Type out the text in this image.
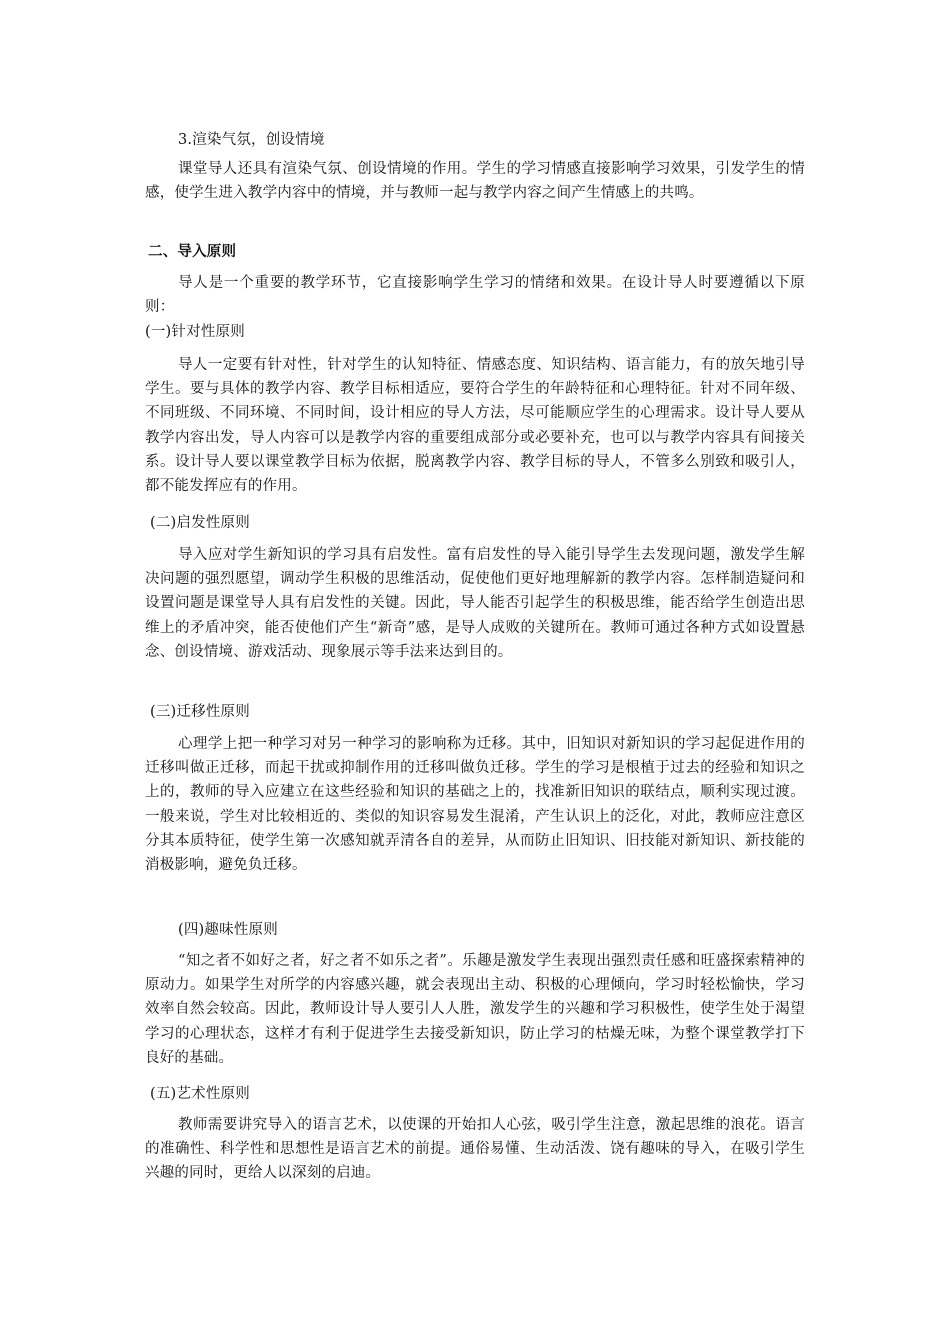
3.渲染气氛，创设情境
课堂导人还具有渲染气氛、创设情境的作用。学生的学习情感直接影响学习效果，引发学生的情感，使学生进入教学内容中的情境，并与教师一起与教学内容之间产生情感上的共鸣。
二、导入原则
导人是一个重要的教学环节，它直接影响学生学习的情绪和效果。在设计导人时要遵循以下原则：
(一)针对性原则
导人一定要有针对性，针对学生的认知特征、情感态度、知识结构、语言能力，有的放矢地引导学生。要与具体的教学内容、教学目标相适应，要符合学生的年龄特征和心理特征。针对不同年级、不同班级、不同环境、不同时间，设计相应的导人方法，尽可能顺应学生的心理需求。设计导人要从教学内容出发，导人内容可以是教学内容的重要组成部分或必要补充，也可以与教学内容具有间接关系。设计导人要以课堂教学目标为依据，脱离教学内容、教学目标的导人，不管多么别致和吸引人，都不能发挥应有的作用。
(二)启发性原则
导入应对学生新知识的学习具有启发性。富有启发性的导入能引导学生去发现问题，激发学生解决问题的强烈愿望，调动学生积极的思维活动，促使他们更好地理解新的教学内容。怎样制造疑问和设置问题是课堂导人具有启发性的关键。因此，导人能否引起学生的积极思维，能否给学生创造出思维上的矛盾冲突，能否使他们产生“新奇”感，是导人成败的关键所在。教师可通过各种方式如设置悬念、创设情境、游戏活动、现象展示等手法来达到目的。
(三)迁移性原则
心理学上把一种学习对另一种学习的影响称为迁移。其中，旧知识对新知识的学习起促进作用的迁移叫做正迁移，而起干扰或抑制作用的迁移叫做负迁移。学生的学习是根植于过去的经验和知识之上的，教师的导入应建立在这些经验和知识的基础之上的，找准新旧知识的联结点，顺利实现过渡。一般来说，学生对比较相近的、类似的知识容易发生混淆，产生认识上的泛化，对此，教师应注意区分其本质特征，使学生第一次感知就弄清各自的差异，从而防止旧知识、旧技能对新知识、新技能的消极影响，避免负迁移。
(四)趣味性原则
“知之者不如好之者，好之者不如乐之者”。乐趣是激发学生表现出强烈责任感和旺盛探索精神的原动力。如果学生对所学的内容感兴趣，就会表现出主动、积极的心理倾向，学习时轻松愉快，学习效率自然会较高。因此，教师设计导人要引人人胜，激发学生的兴趣和学习积极性，使学生处于渴望学习的心理状态，这样才有利于促进学生去接受新知识，防止学习的枯燥无味，为整个课堂教学打下良好的基础。
(五)艺术性原则
教师需要讲究导入的语言艺术，以使课的开始扣人心弦，吸引学生注意，激起思维的浪花。语言的准确性、科学性和思想性是语言艺术的前提。通俗易懂、生动活泼、饶有趣味的导入，在吸引学生兴趣的同时，更给人以深刻的启迪。
